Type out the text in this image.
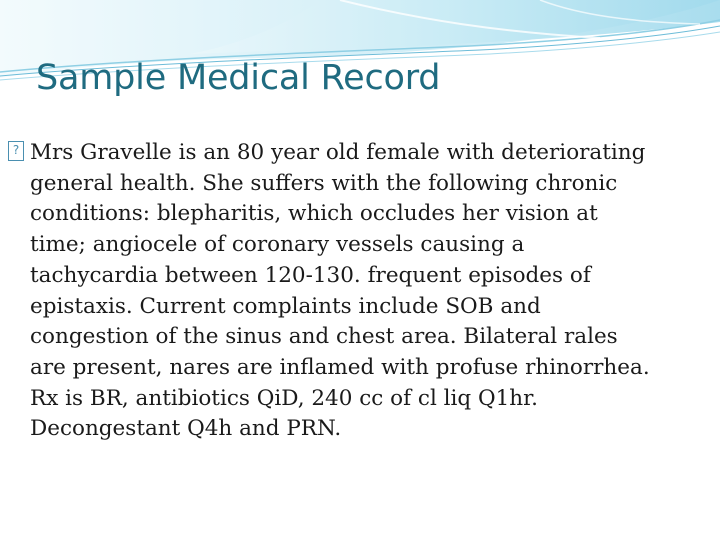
Sample Medical Record
? Mrs Gravelle is an 80 year old female with deteriorating
general health. She suffers with the following chronic
conditions: blepharitis, which occludes her vision at
time; angiocele of coronary vessels causing a
tachycardia between 120-130. frequent episodes of
epistaxis. Current complaints include SOB and
congestion of the sinus and chest area. Bilateral rales
are present, nares are inflamed with profuse rhinorrhea.
Rx is BR, antibiotics QiD, 240 cc of cl liq Q1hr.
Decongestant Q4h and PRN.
